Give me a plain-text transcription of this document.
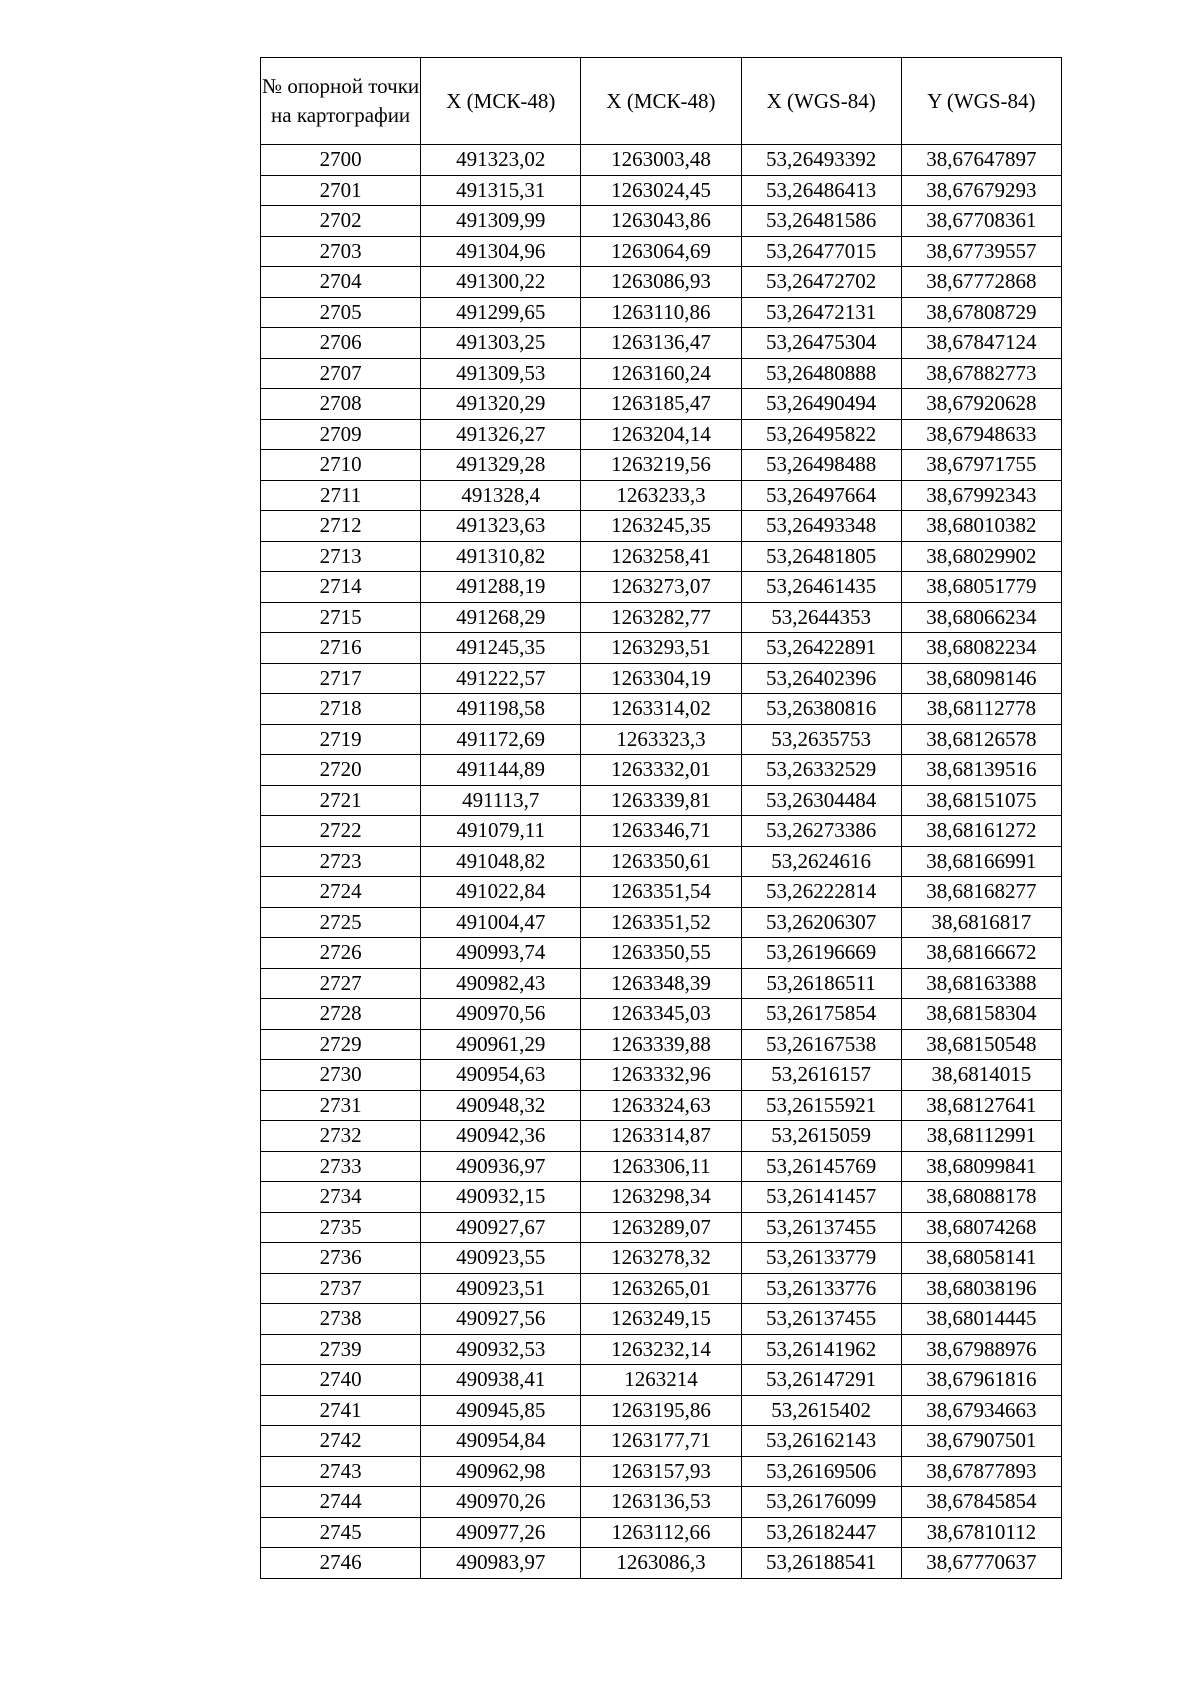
№ опорной точки на картографии	X (МСК-48)	X (МСК-48)	X (WGS-84)	Y (WGS-84)
2700	491323,02	1263003,48	53,26493392	38,67647897
2701	491315,31	1263024,45	53,26486413	38,67679293
2702	491309,99	1263043,86	53,26481586	38,67708361
2703	491304,96	1263064,69	53,26477015	38,67739557
2704	491300,22	1263086,93	53,26472702	38,67772868
2705	491299,65	1263110,86	53,26472131	38,67808729
2706	491303,25	1263136,47	53,26475304	38,67847124
2707	491309,53	1263160,24	53,26480888	38,67882773
2708	491320,29	1263185,47	53,26490494	38,67920628
2709	491326,27	1263204,14	53,26495822	38,67948633
2710	491329,28	1263219,56	53,26498488	38,67971755
2711	491328,4	1263233,3	53,26497664	38,67992343
2712	491323,63	1263245,35	53,26493348	38,68010382
2713	491310,82	1263258,41	53,26481805	38,68029902
2714	491288,19	1263273,07	53,26461435	38,68051779
2715	491268,29	1263282,77	53,2644353	38,68066234
2716	491245,35	1263293,51	53,26422891	38,68082234
2717	491222,57	1263304,19	53,26402396	38,68098146
2718	491198,58	1263314,02	53,26380816	38,68112778
2719	491172,69	1263323,3	53,2635753	38,68126578
2720	491144,89	1263332,01	53,26332529	38,68139516
2721	491113,7	1263339,81	53,26304484	38,68151075
2722	491079,11	1263346,71	53,26273386	38,68161272
2723	491048,82	1263350,61	53,2624616	38,68166991
2724	491022,84	1263351,54	53,26222814	38,68168277
2725	491004,47	1263351,52	53,26206307	38,6816817
2726	490993,74	1263350,55	53,26196669	38,68166672
2727	490982,43	1263348,39	53,26186511	38,68163388
2728	490970,56	1263345,03	53,26175854	38,68158304
2729	490961,29	1263339,88	53,26167538	38,68150548
2730	490954,63	1263332,96	53,2616157	38,6814015
2731	490948,32	1263324,63	53,26155921	38,68127641
2732	490942,36	1263314,87	53,2615059	38,68112991
2733	490936,97	1263306,11	53,26145769	38,68099841
2734	490932,15	1263298,34	53,26141457	38,68088178
2735	490927,67	1263289,07	53,26137455	38,68074268
2736	490923,55	1263278,32	53,26133779	38,68058141
2737	490923,51	1263265,01	53,26133776	38,68038196
2738	490927,56	1263249,15	53,26137455	38,68014445
2739	490932,53	1263232,14	53,26141962	38,67988976
2740	490938,41	1263214	53,26147291	38,67961816
2741	490945,85	1263195,86	53,2615402	38,67934663
2742	490954,84	1263177,71	53,26162143	38,67907501
2743	490962,98	1263157,93	53,26169506	38,67877893
2744	490970,26	1263136,53	53,26176099	38,67845854
2745	490977,26	1263112,66	53,26182447	38,67810112
2746	490983,97	1263086,3	53,26188541	38,67770637
